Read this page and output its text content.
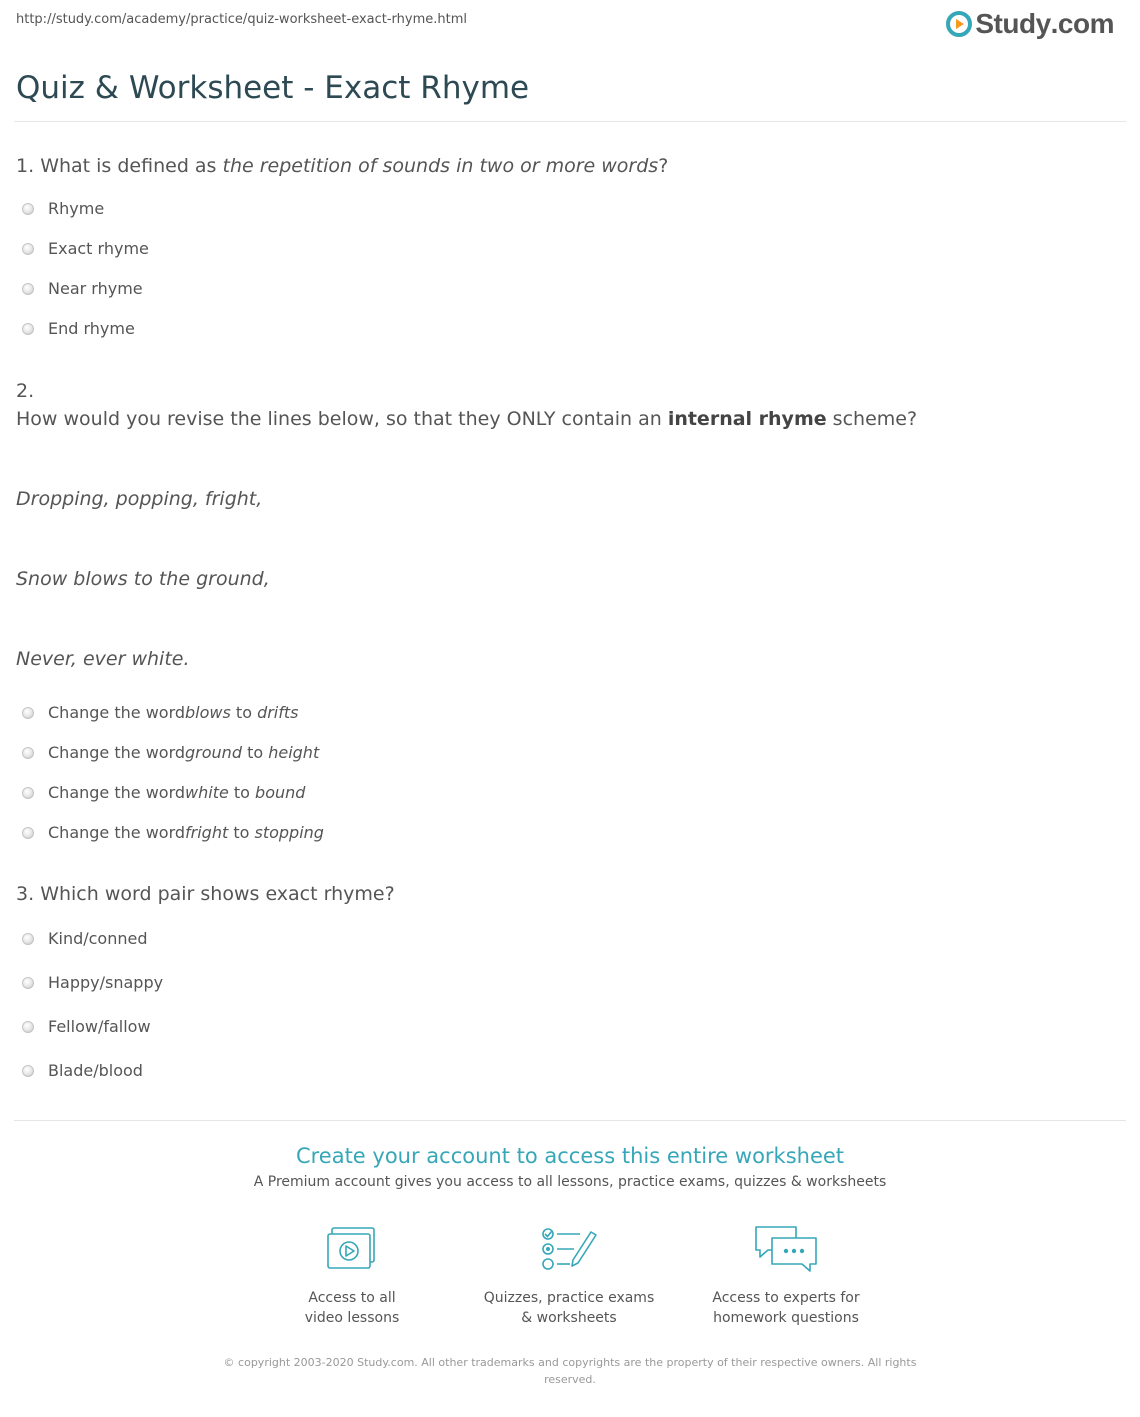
http://study.com/academy/practice/quiz-worksheet-exact-rhyme.html	Study .com
Quiz & Worksheet - Exact Rhyme

1. What is defined as the repetition of sounds in two or more words?

Rhyme
Exact rhyme
Near rhyme
End rhyme

2.

How would you revise the lines below, so that they ONLY contain an internal rhyme scheme?

Dropping, popping, fright,
Snow blows to the ground,
Never, ever white.
Change the word blows to drifts
Change the word ground to height
Change the word white to bound
Change the word fright to stopping

3. Which word pair shows exact rhyme?

Kind/conned
Happy/snappy
Fellow/fallow
Blade/blood
Create your account to access this entire worksheet
A Premium account gives you access to all lessons, practice exams, quizzes & worksheets
Access to all
video lessons
Quizzes, practice exams
& worksheets
Access to experts for
homework questions
© copyright 2003-2020 Study.com. All other trademarks and copyrights are the property of their respective owners. All rights
reserved.
